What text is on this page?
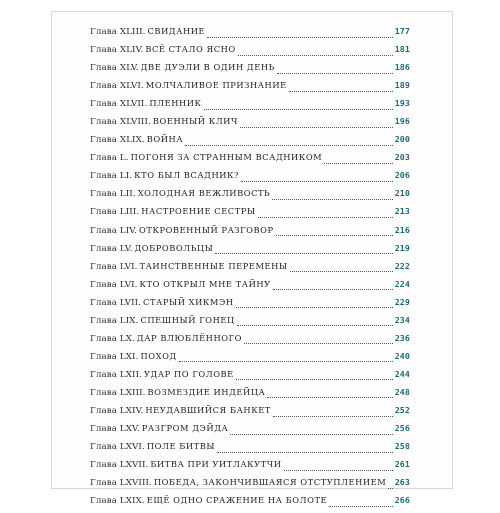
Глава
XLIII. СВИДАНИЕ	177
Глава
XLIV. ВСЁ СТАЛО ЯСНО	181
Глава
XLV. ДВЕ ДУЭЛИ В ОДИН ДЕНЬ	186
Глава
XLVI. МОЛЧАЛИВОЕ ПРИЗНАНИЕ	189
Глава
XLVII. ПЛЕННИК	193
Глава
XLVIII. ВОЕННЫЙ КЛИЧ	196
Глава
XLIX. ВОЙНА	200
Глава
L. ПОГОНЯ ЗА СТРАННЫМ ВСАДНИКОМ	203
Глава
LI. КТО БЫЛ ВСАДНИК?	206
Глава
LII. ХОЛОДНАЯ ВЕЖЛИВОСТЬ	210
Глава
LIII. НАСТРОЕНИЕ СЕСТРЫ	213
Глава
LIV. ОТКРОВЕННЫЙ РАЗГОВОР	216
Глава
LV. ДОБРОВОЛЬЦЫ	219
Глава
LVI. ТАИНСТВЕННЫЕ ПЕРЕМЕНЫ	222
Глава
LVI. КТО ОТКРЫЛ МНЕ ТАЙНУ	224
Глава
LVII. СТАРЫЙ ХИКМЭН	229
Глава
LIX. СПЕШНЫЙ ГОНЕЦ	234
Глава
LX. ДАР ВЛЮБЛЁННОГО	236
Глава
LXI. ПОХОД	240
Глава
LXII. УДАР ПО ГОЛОВЕ	244
Глава
LXIII. ВОЗМЕЗДИЕ ИНДЕЙЦА	248
Глава
LXIV. НЕУДАВШИЙСЯ БАНКЕТ	252
Глава
LXV. РАЗГРОМ ДЭЙДА	256
Глава
LXVI. ПОЛЕ БИТВЫ	258
Глава
LXVII. БИТВА ПРИ УИТЛАКУТЧИ	261
Глава
LXVIII. ПОБЕДА, ЗАКОНЧИВШАЯСЯ ОТСТУПЛЕНИЕМ 263
Глава
LXIX. ЕЩЁ ОДНО СРАЖЕНИЕ НА БОЛОТЕ	266
